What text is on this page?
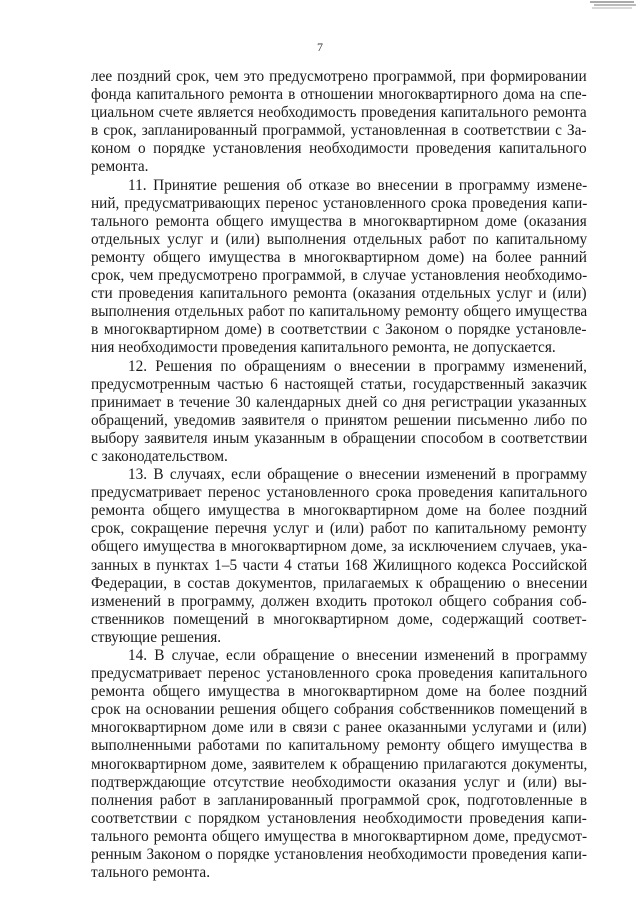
7
лее поздний срок, чем это предусмотрено программой, при формировании
фонда капитального ремонта в отношении многоквартирного дома на спе-
циальном счете является необходимость проведения капитального ремонта
в срок, запланированный программой, установленная в соответствии с За-
коном о порядке установления необходимости проведения капитального
ремонта.
11. Принятие решения об отказе во внесении в программу измене-
ний, предусматривающих перенос установленного срока проведения капи-
тального ремонта общего имущества в многоквартирном доме (оказания
отдельных услуг и (или) выполнения отдельных работ по капитальному
ремонту общего имущества в многоквартирном доме) на более ранний
срок, чем предусмотрено программой, в случае установления необходимо-
сти проведения капитального ремонта (оказания отдельных услуг и (или)
выполнения отдельных работ по капитальному ремонту общего имущества
в многоквартирном доме) в соответствии с Законом о порядке установле-
ния необходимости проведения капитального ремонта, не допускается.
12. Решения по обращениям о внесении в программу изменений,
предусмотренным частью 6 настоящей статьи, государственный заказчик
принимает в течение 30 календарных дней со дня регистрации указанных
обращений, уведомив заявителя о принятом решении письменно либо по
выбору заявителя иным указанным в обращении способом в соответствии
с законодательством.
13. В случаях, если обращение о внесении изменений в программу
предусматривает перенос установленного срока проведения капитального
ремонта общего имущества в многоквартирном доме на более поздний
срок, сокращение перечня услуг и (или) работ по капитальному ремонту
общего имущества в многоквартирном доме, за исключением случаев, ука-
занных в пунктах 1–5 части 4 статьи 168 Жилищного кодекса Российской
Федерации, в состав документов, прилагаемых к обращению о внесении
изменений в программу, должен входить протокол общего собрания соб-
ственников помещений в многоквартирном доме, содержащий соответ-
ствующие решения.
14. В случае, если обращение о внесении изменений в программу
предусматривает перенос установленного срока проведения капитального
ремонта общего имущества в многоквартирном доме на более поздний
срок на основании решения общего собрания собственников помещений в
многоквартирном доме или в связи с ранее оказанными услугами и (или)
выполненными работами по капитальному ремонту общего имущества в
многоквартирном доме, заявителем к обращению прилагаются документы,
подтверждающие отсутствие необходимости оказания услуг и (или) вы-
полнения работ в запланированный программой срок, подготовленные в
соответствии с порядком установления необходимости проведения капи-
тального ремонта общего имущества в многоквартирном доме, предусмот-
ренным Законом о порядке установления необходимости проведения капи-
тального ремонта.
